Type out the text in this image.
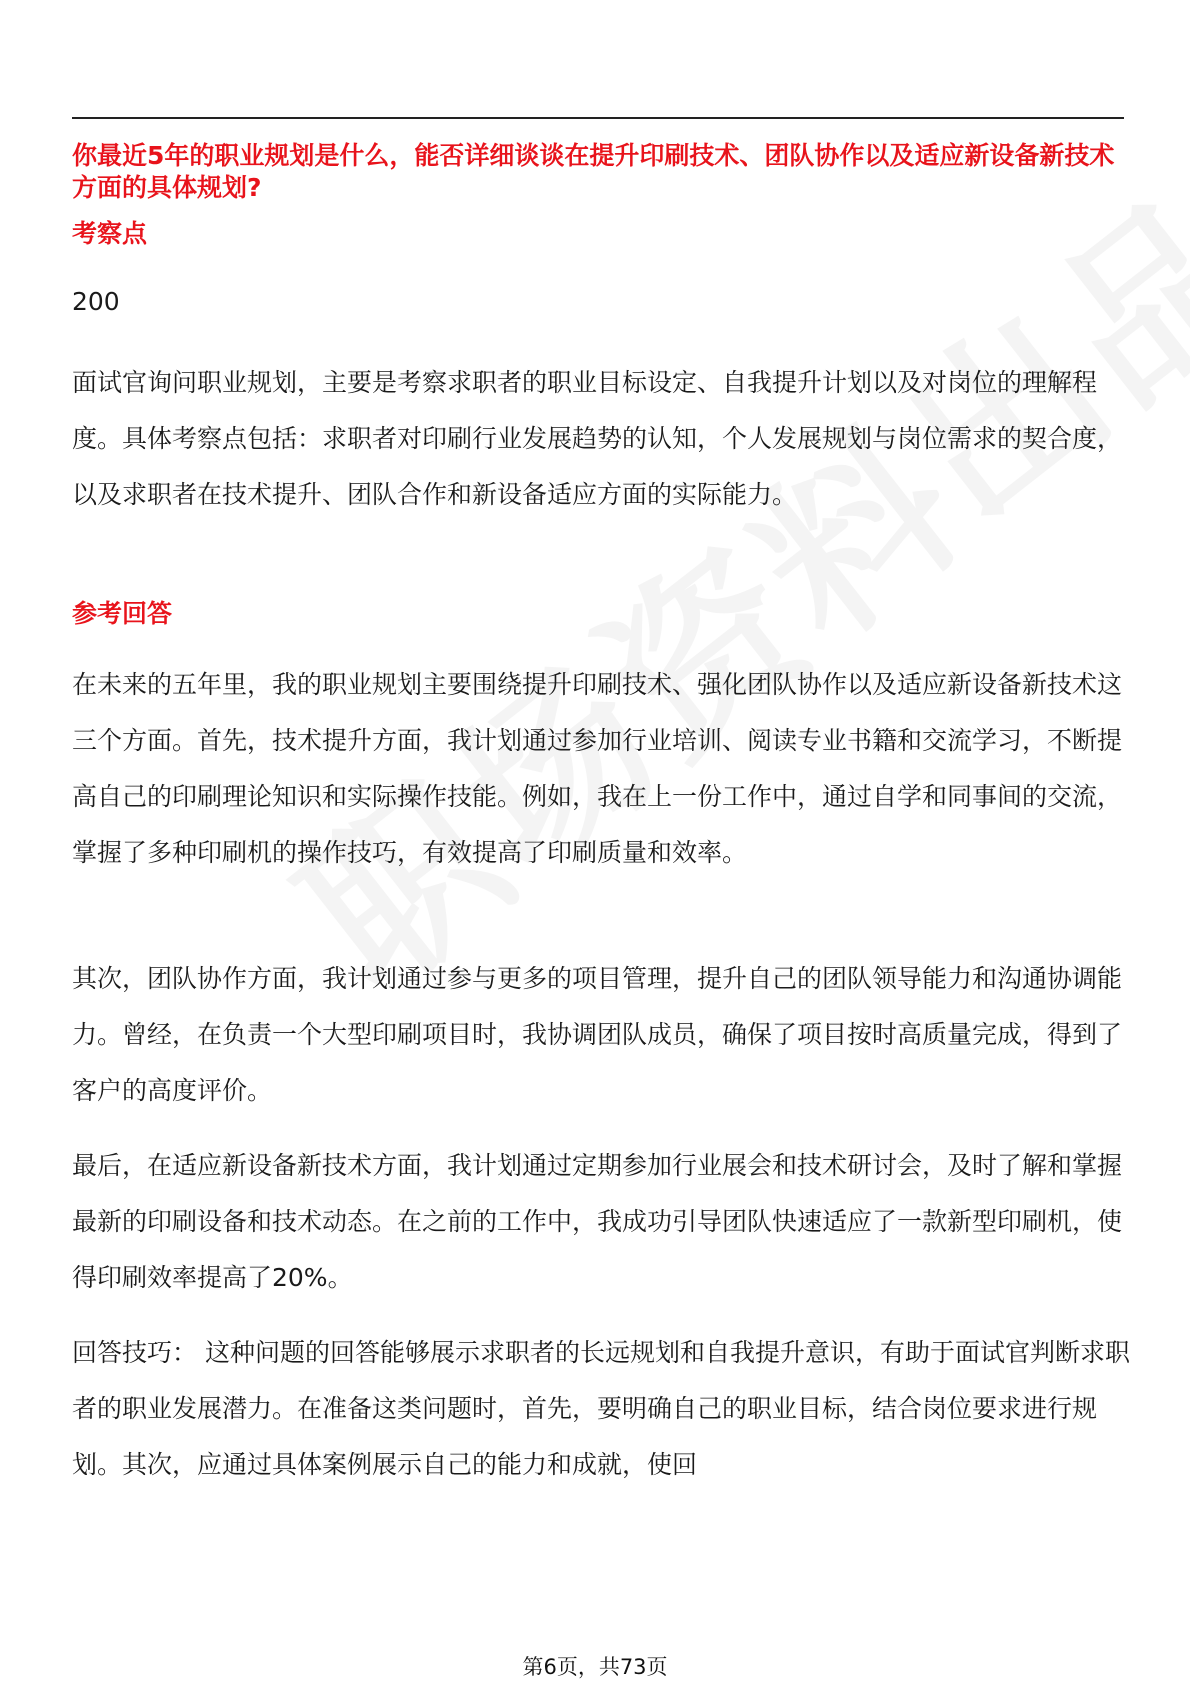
你最近5年的职业规划是什么，能否详细谈谈在提升印刷技术、团队协作以及适应新设备新技术方面的具体规划?
考察点
200
面试官询问职业规划，主要是考察求职者的职业目标设定、自我提升计划以及对岗位的理解程度。具体考察点包括：求职者对印刷行业发展趋势的认知，个人发展规划与岗位需求的契合度，以及求职者在技术提升、团队合作和新设备适应方面的实际能力。
参考回答
在未来的五年里，我的职业规划主要围绕提升印刷技术、强化团队协作以及适应新设备新技术这三个方面。首先，技术提升方面，我计划通过参加行业培训、阅读专业书籍和交流学习，不断提高自己的印刷理论知识和实际操作技能。例如，我在上一份工作中，通过自学和同事间的交流，掌握了多种印刷机的操作技巧，有效提高了印刷质量和效率。
其次，团队协作方面，我计划通过参与更多的项目管理，提升自己的团队领导能力和沟通协调能力。曾经，在负责一个大型印刷项目时，我协调团队成员，确保了项目按时高质量完成，得到了客户的高度评价。
最后，在适应新设备新技术方面，我计划通过定期参加行业展会和技术研讨会，及时了解和掌握最新的印刷设备和技术动态。在之前的工作中，我成功引导团队快速适应了一款新型印刷机，使得印刷效率提高了20%。
回答技巧： 这种问题的回答能够展示求职者的长远规划和自我提升意识，有助于面试官判断求职者的职业发展潜力。在准备这类问题时，首先，要明确自己的职业目标，结合岗位要求进行规划。其次，应通过具体案例展示自己的能力和成就，使回
第6页，共73页
